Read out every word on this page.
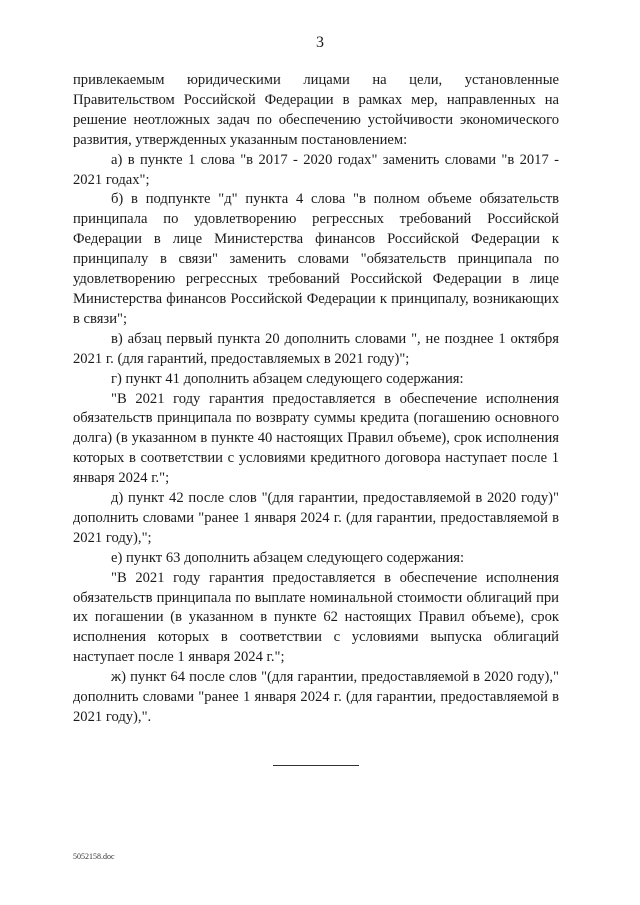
3

привлекаемым юридическими лицами на цели, установленные Правительством Российской Федерации в рамках мер, направленных на решение неотложных задач по обеспечению устойчивости экономического развития, утвержденных указанным постановлением:

а) в пункте 1 слова "в 2017 - 2020 годах" заменить словами "в 2017 - 2021 годах";

б) в подпункте "д" пункта 4 слова "в полном объеме обязательств принципала по удовлетворению регрессных требований Российской Федерации в лице Министерства финансов Российской Федерации к принципалу в связи" заменить словами "обязательств принципала по удовлетворению регрессных требований Российской Федерации в лице Министерства финансов Российской Федерации к принципалу, возникающих в связи";

в) абзац первый пункта 20 дополнить словами ", не позднее 1 октября 2021 г. (для гарантий, предоставляемых в 2021 году)";

г) пункт 41 дополнить абзацем следующего содержания:

"В 2021 году гарантия предоставляется в обеспечение исполнения обязательств принципала по возврату суммы кредита (погашению основного долга) (в указанном в пункте 40 настоящих Правил объеме), срок исполнения которых в соответствии с условиями кредитного договора наступает после 1 января 2024 г.";

д) пункт 42 после слов "(для гарантии, предоставляемой в 2020 году)" дополнить словами "ранее 1 января 2024 г. (для гарантии, предоставляемой в 2021 году),";

е) пункт 63 дополнить абзацем следующего содержания:

"В 2021 году гарантия предоставляется в обеспечение исполнения обязательств принципала по выплате номинальной стоимости облигаций при их погашении (в указанном в пункте 62 настоящих Правил объеме), срок исполнения которых в соответствии с условиями выпуска облигаций наступает после 1 января 2024 г.";

ж) пункт 64 после слов "(для гарантии, предоставляемой в 2020 году)," дополнить словами "ранее 1 января 2024 г. (для гарантии, предоставляемой в 2021 году),".

5052158.doc
